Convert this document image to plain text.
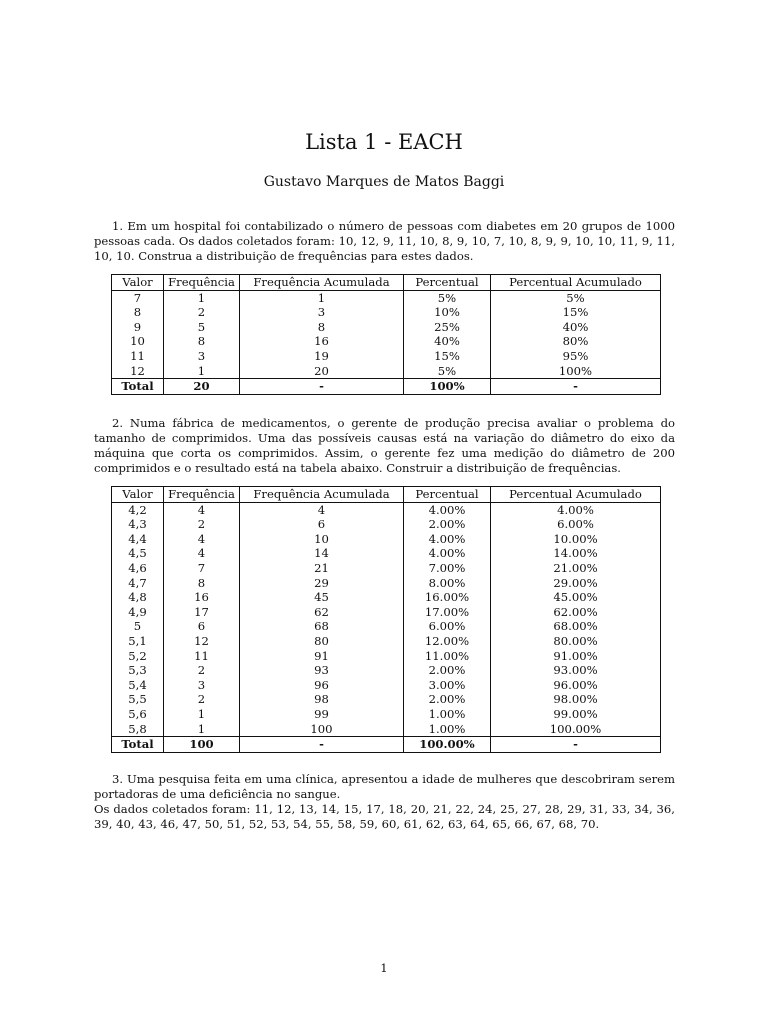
Lista 1 - EACH
Gustavo Marques de Matos Baggi

1. Em um hospital foi contabilizado o número de pessoas com diabetes em 20 grupos de 1000 pessoas cada. Os dados coletados foram: 10, 12, 9, 11, 10, 8, 9, 10, 7, 10, 8, 9, 9, 10, 10, 11, 9, 11, 10, 10. Construa a distribuição de frequências para estes dados.

Valor	Frequência	Frequência Acumulada	Percentual	Percentual Acumulado
7	1	1	5%	5%
8	2	3	10%	15%
9	5	8	25%	40%
10	8	16	40%	80%
11	3	19	15%	95%
12	1	20	5%	100%
Total	20	-	100%	-

2. Numa fábrica de medicamentos, o gerente de produção precisa avaliar o problema do tamanho de comprimidos. Uma das possíveis causas está na variação do diâmetro do eixo da máquina que corta os comprimidos. Assim, o gerente fez uma medição do diâmetro de 200 comprimidos e o resultado está na tabela abaixo. Construir a distribuição de frequências.

Valor	Frequência	Frequência Acumulada	Percentual	Percentual Acumulado
4,2	4	4	4.00%	4.00%
4,3	2	6	2.00%	6.00%
4,4	4	10	4.00%	10.00%
4,5	4	14	4.00%	14.00%
4,6	7	21	7.00%	21.00%
4,7	8	29	8.00%	29.00%
4,8	16	45	16.00%	45.00%
4,9	17	62	17.00%	62.00%
5	6	68	6.00%	68.00%
5,1	12	80	12.00%	80.00%
5,2	11	91	11.00%	91.00%
5,3	2	93	2.00%	93.00%
5,4	3	96	3.00%	96.00%
5,5	2	98	2.00%	98.00%
5,6	1	99	1.00%	99.00%
5,8	1	100	1.00%	100.00%
Total	100	-	100.00%	-

3. Uma pesquisa feita em uma clínica, apresentou a idade de mulheres que descobriram serem portadoras de uma deficiência no sangue.

Os dados coletados foram: 11, 12, 13, 14, 15, 17, 18, 20, 21, 22, 24, 25, 27, 28, 29, 31, 33, 34, 36, 39, 40, 43, 46, 47, 50, 51, 52, 53, 54, 55, 58, 59, 60, 61, 62, 63, 64, 65, 66, 67, 68, 70.

1
